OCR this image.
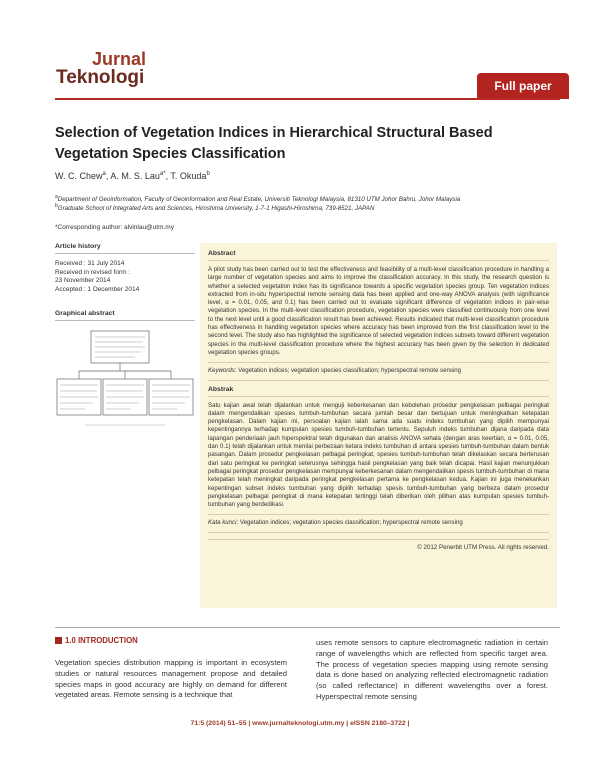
Jurnal
Teknologi	Full paper
Selection of Vegetation Indices in Hierarchical Structural Based Vegetation Species Classification
W. C. Chew$^a$, A. M. S. Lau$^{a*}$, T. Okuda$^b$
$^a$Department of Geoinformation, Faculty of Geoinformation and Real Estate, Universiti Teknologi Malaysia, 81310 UTM Johor Bahru, Johor Malaysia
$^b$Graduate School of Integrated Arts and Sciences, Hiroshima University, 1-7-1 Higashi-Hiroshima, 739-8521, JAPAN
*Corresponding author: alvinlau@utm.my
Article history
Received : 31 July 2014
Received in revised form :
23 November 2014
Accepted : 1 December 2014
Graphical abstract
Abstract
A pilot study has been carried out to test the effectiveness and feasibility of a multi-level classification procedure in handling a large number of vegetation species and aims to improve the classification accuracy. In this study, the research question is whether a selected vegetation index has its significance towards a specific vegetation species group. Ten vegetation indices extracted from in-situ hyperspectral remote sensing data has been applied and one-way ANOVA analysis (with significance level, α = 0.01, 0.05, and 0.1) has been carried out to evaluate significant difference of vegetation indices in pair-wise vegetation species. In the multi-level classification procedure, vegetation species were classified continuously from one level to the next level until a good classification result has been achieved. Results indicated that multi-level classification procedure has effectiveness in handling vegetation species where accuracy has been improved from the first classification level to the second level. The study also has highlighted the significance of selected vegetation indices subsets toward different vegetation species in the multi-level classification procedure where the highest accuracy has been given by the selection in dedicated vegetation species groups.
Keywords: Vegetation indices; vegetation species classification; hyperspectral remote sensing
Abstrak
Satu kajian awal telah dijalankan untuk menguji keberkesanan dan kebolehan prosedur pengkelasan pelbagai peringkat dalam mengendalikan spesies tumbuh-tumbuhan secara jumlah besar dan bertujuan untuk meningkatkan ketepatan pengkelasan. Dalam kajian ini, persoalan kajian ialah sama ada suatu indeks tumbuhan yang dipilih mempunyai kepentingannya terhadap kumpulan spesies tumbuh-tumbuhan tertentu. Sepuluh indeks tumbuhan dijana daripada data lapangan penderiaan jauh hiperspektral telah digunakan dan analisis ANOVA sehala (dengan aras keertian, α = 0.01, 0.05, dan 0.1) telah dijalankan untuk menilai perbezaan ketara indeks tumbuhan di antara spesies tumbuh-tumbuhan dalam bentuk pasangan. Dalam prosedur pengkelasan pelbagai peringkat, spesies tumbuh-tumbuhan telah dikelaskan secara berterusan dari satu peringkat ke peringkat seterusnya sehingga hasil pengkelasan yang baik telah dicapai. Hasil kajian menunjukkan pelbagai peringkat prosedur pengkelasan mempunyai keberkesanan dalam mengendalikan spesis tumbuh-tumbuhan di mana ketepatan telah meningkat daripada peringkat pengkelasan pertama ke pengkelasan kedua. Kajian ini juga menekankan kepentingan subset indeks tumbuhan yang dipilih terhadap spesis tumbuh-tumbuhan yang berbeza dalam prosedur pengkelasan pelbagai peringkat di mana ketepatan tertinggi telah diberikan oleh pilihan atas kumpulan spesies tumbuh-tumbuhan yang berdedikasi.
Kata kunci: Vegetation indices; vegetation species classification; hyperspectral remote sensing
© 2012 Penerbit UTM Press. All rights reserved.
1.0 INTRODUCTION
Vegetation species distribution mapping is important in ecosystem studies or natural resources management propose and detailed species maps in good accuracy are highly on demand for different vegetated areas. Remote sensing is a technique that
uses remote sensors to capture electromagnetic radiation in certain range of wavelengths which are reflected from specific target area. The process of vegetation species mapping using remote sensing data is done based on analyzing reflected electromagnetic radiation (so called reflectance) in different wavelengths over a forest. Hyperspectral remote sensing
71:5 (2014) 51–55 | www.jurnalteknologi.utm.my | eISSN 2180–3722 |
